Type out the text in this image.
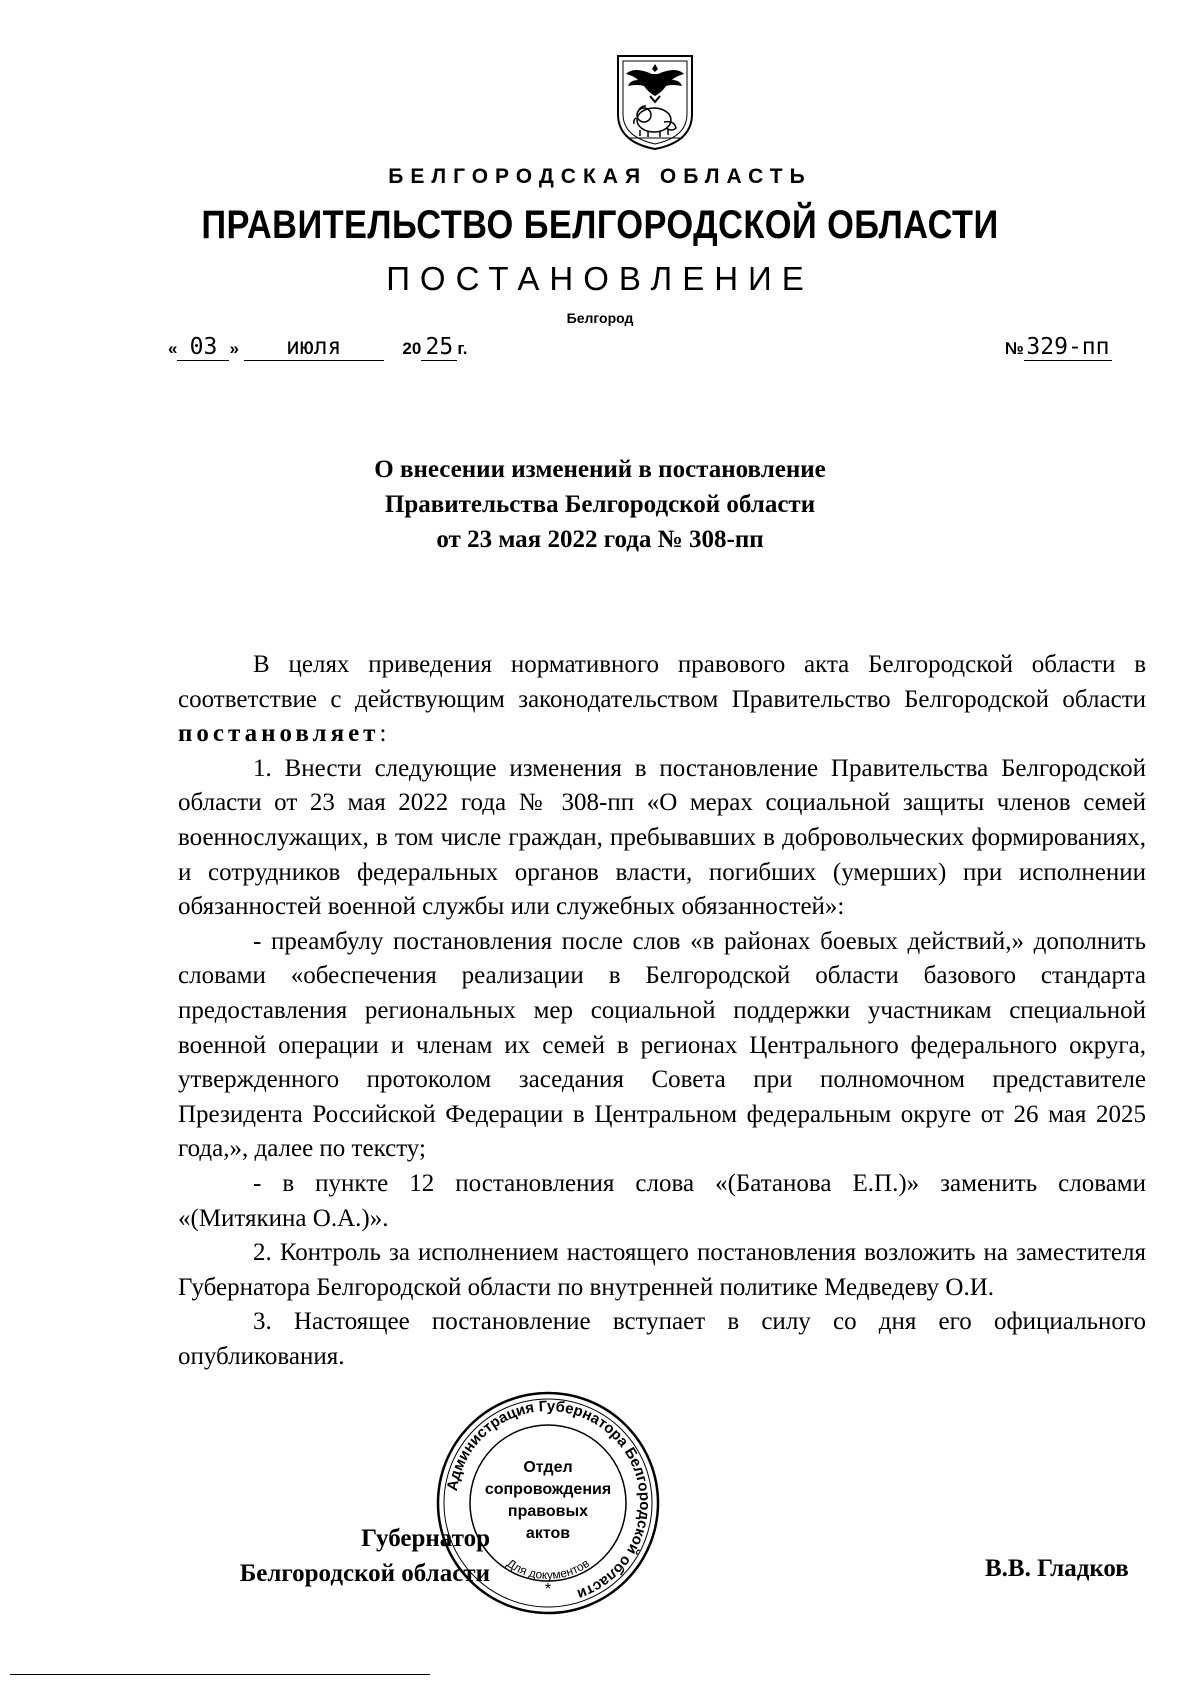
БЕЛГОРОДСКАЯ ОБЛАСТЬ
ПРАВИТЕЛЬСТВО БЕЛГОРОДСКОЙ ОБЛАСТИ
ПОСТАНОВЛЕНИЕ
Белгород
« 03 » июля	20 25 г.	№ 329-пп
О внесении изменений в постановление
Правительства Белгородской области
от 23 мая 2022 года № 308-пп

В целях приведения нормативного правового акта Белгородской области в соответствие с действующим законодательством Правительство Белгородской области постановляет:

1. Внести следующие изменения в постановление Правительства Белгородской области от 23 мая 2022 года № 308-пп «О мерах социальной защиты членов семей военнослужащих, в том числе граждан, пребывавших в добровольческих формированиях, и сотрудников федеральных органов власти, погибших (умерших) при исполнении обязанностей военной службы или служебных обязанностей»:

- преамбулу постановления после слов «в районах боевых действий,» дополнить словами «обеспечения реализации в Белгородской области базового стандарта предоставления региональных мер социальной поддержки участникам специальной военной операции и членам их семей в регионах Центрального федерального округа, утвержденного протоколом заседания Совета при полномочном представителе Президента Российской Федерации в Центральном федеральным округе от 26 мая 2025 года,», далее по тексту;

- в пункте 12 постановления слова «(Батанова Е.П.)» заменить словами «(Митякина О.А.)».

2. Контроль за исполнением настоящего постановления возложить на заместителя Губернатора Белгородской области по внутренней политике Медведеву О.И.

3. Настоящее постановление вступает в силу со дня его официального опубликования.

Губернатор
Белгородской области	В.В. Гладков
Администрация Губернатора Белгородской области
Для документов
Отдел
сопровождения
правовых
актов
*
